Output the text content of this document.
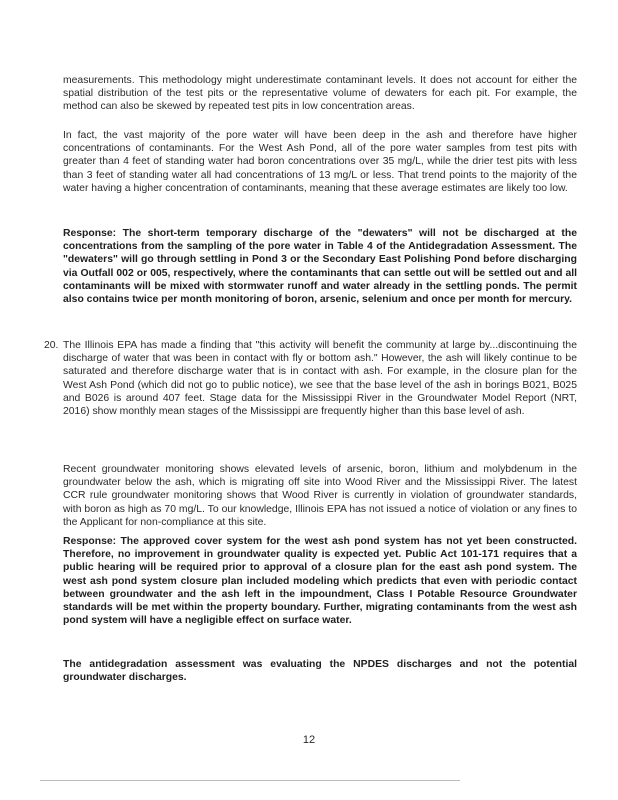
measurements. This methodology might underestimate contaminant levels. It does not account for either the spatial distribution of the test pits or the representative volume of dewaters for each pit. For example, the method can also be skewed by repeated test pits in low concentration areas.

In fact, the vast majority of the pore water will have been deep in the ash and therefore have higher concentrations of contaminants. For the West Ash Pond, all of the pore water samples from test pits with greater than 4 feet of standing water had boron concentrations over 35 mg/L, while the drier test pits with less than 3 feet of standing water all had concentrations of 13 mg/L or less. That trend points to the majority of the water having a higher concentration of contaminants, meaning that these average estimates are likely too low.

Response: The short-term temporary discharge of the "dewaters" will not be discharged at the concentrations from the sampling of the pore water in Table 4 of the Antidegradation Assessment. The "dewaters" will go through settling in Pond 3 or the Secondary East Polishing Pond before discharging via Outfall 002 or 005, respectively, where the contaminants that can settle out will be settled out and all contaminants will be mixed with stormwater runoff and water already in the settling ponds. The permit also contains twice per month monitoring of boron, arsenic, selenium and once per month for mercury.

20. The Illinois EPA has made a finding that "this activity will benefit the community at large by...discontinuing the discharge of water that was been in contact with fly or bottom ash." However, the ash will likely continue to be saturated and therefore discharge water that is in contact with ash. For example, in the closure plan for the West Ash Pond (which did not go to public notice), we see that the base level of the ash in borings B021, B025 and B026 is around 407 feet. Stage data for the Mississippi River in the Groundwater Model Report (NRT, 2016) show monthly mean stages of the Mississippi are frequently higher than this base level of ash.

Recent groundwater monitoring shows elevated levels of arsenic, boron, lithium and molybdenum in the groundwater below the ash, which is migrating off site into Wood River and the Mississippi River. The latest CCR rule groundwater monitoring shows that Wood River is currently in violation of groundwater standards, with boron as high as 70 mg/L. To our knowledge, Illinois EPA has not issued a notice of violation or any fines to the Applicant for non-compliance at this site.

Response: The approved cover system for the west ash pond system has not yet been constructed. Therefore, no improvement in groundwater quality is expected yet. Public Act 101-171 requires that a public hearing will be required prior to approval of a closure plan for the east ash pond system. The west ash pond system closure plan included modeling which predicts that even with periodic contact between groundwater and the ash left in the impoundment, Class I Potable Resource Groundwater standards will be met within the property boundary. Further, migrating contaminants from the west ash pond system will have a negligible effect on surface water.

The antidegradation assessment was evaluating the NPDES discharges and not the potential groundwater discharges.

12
